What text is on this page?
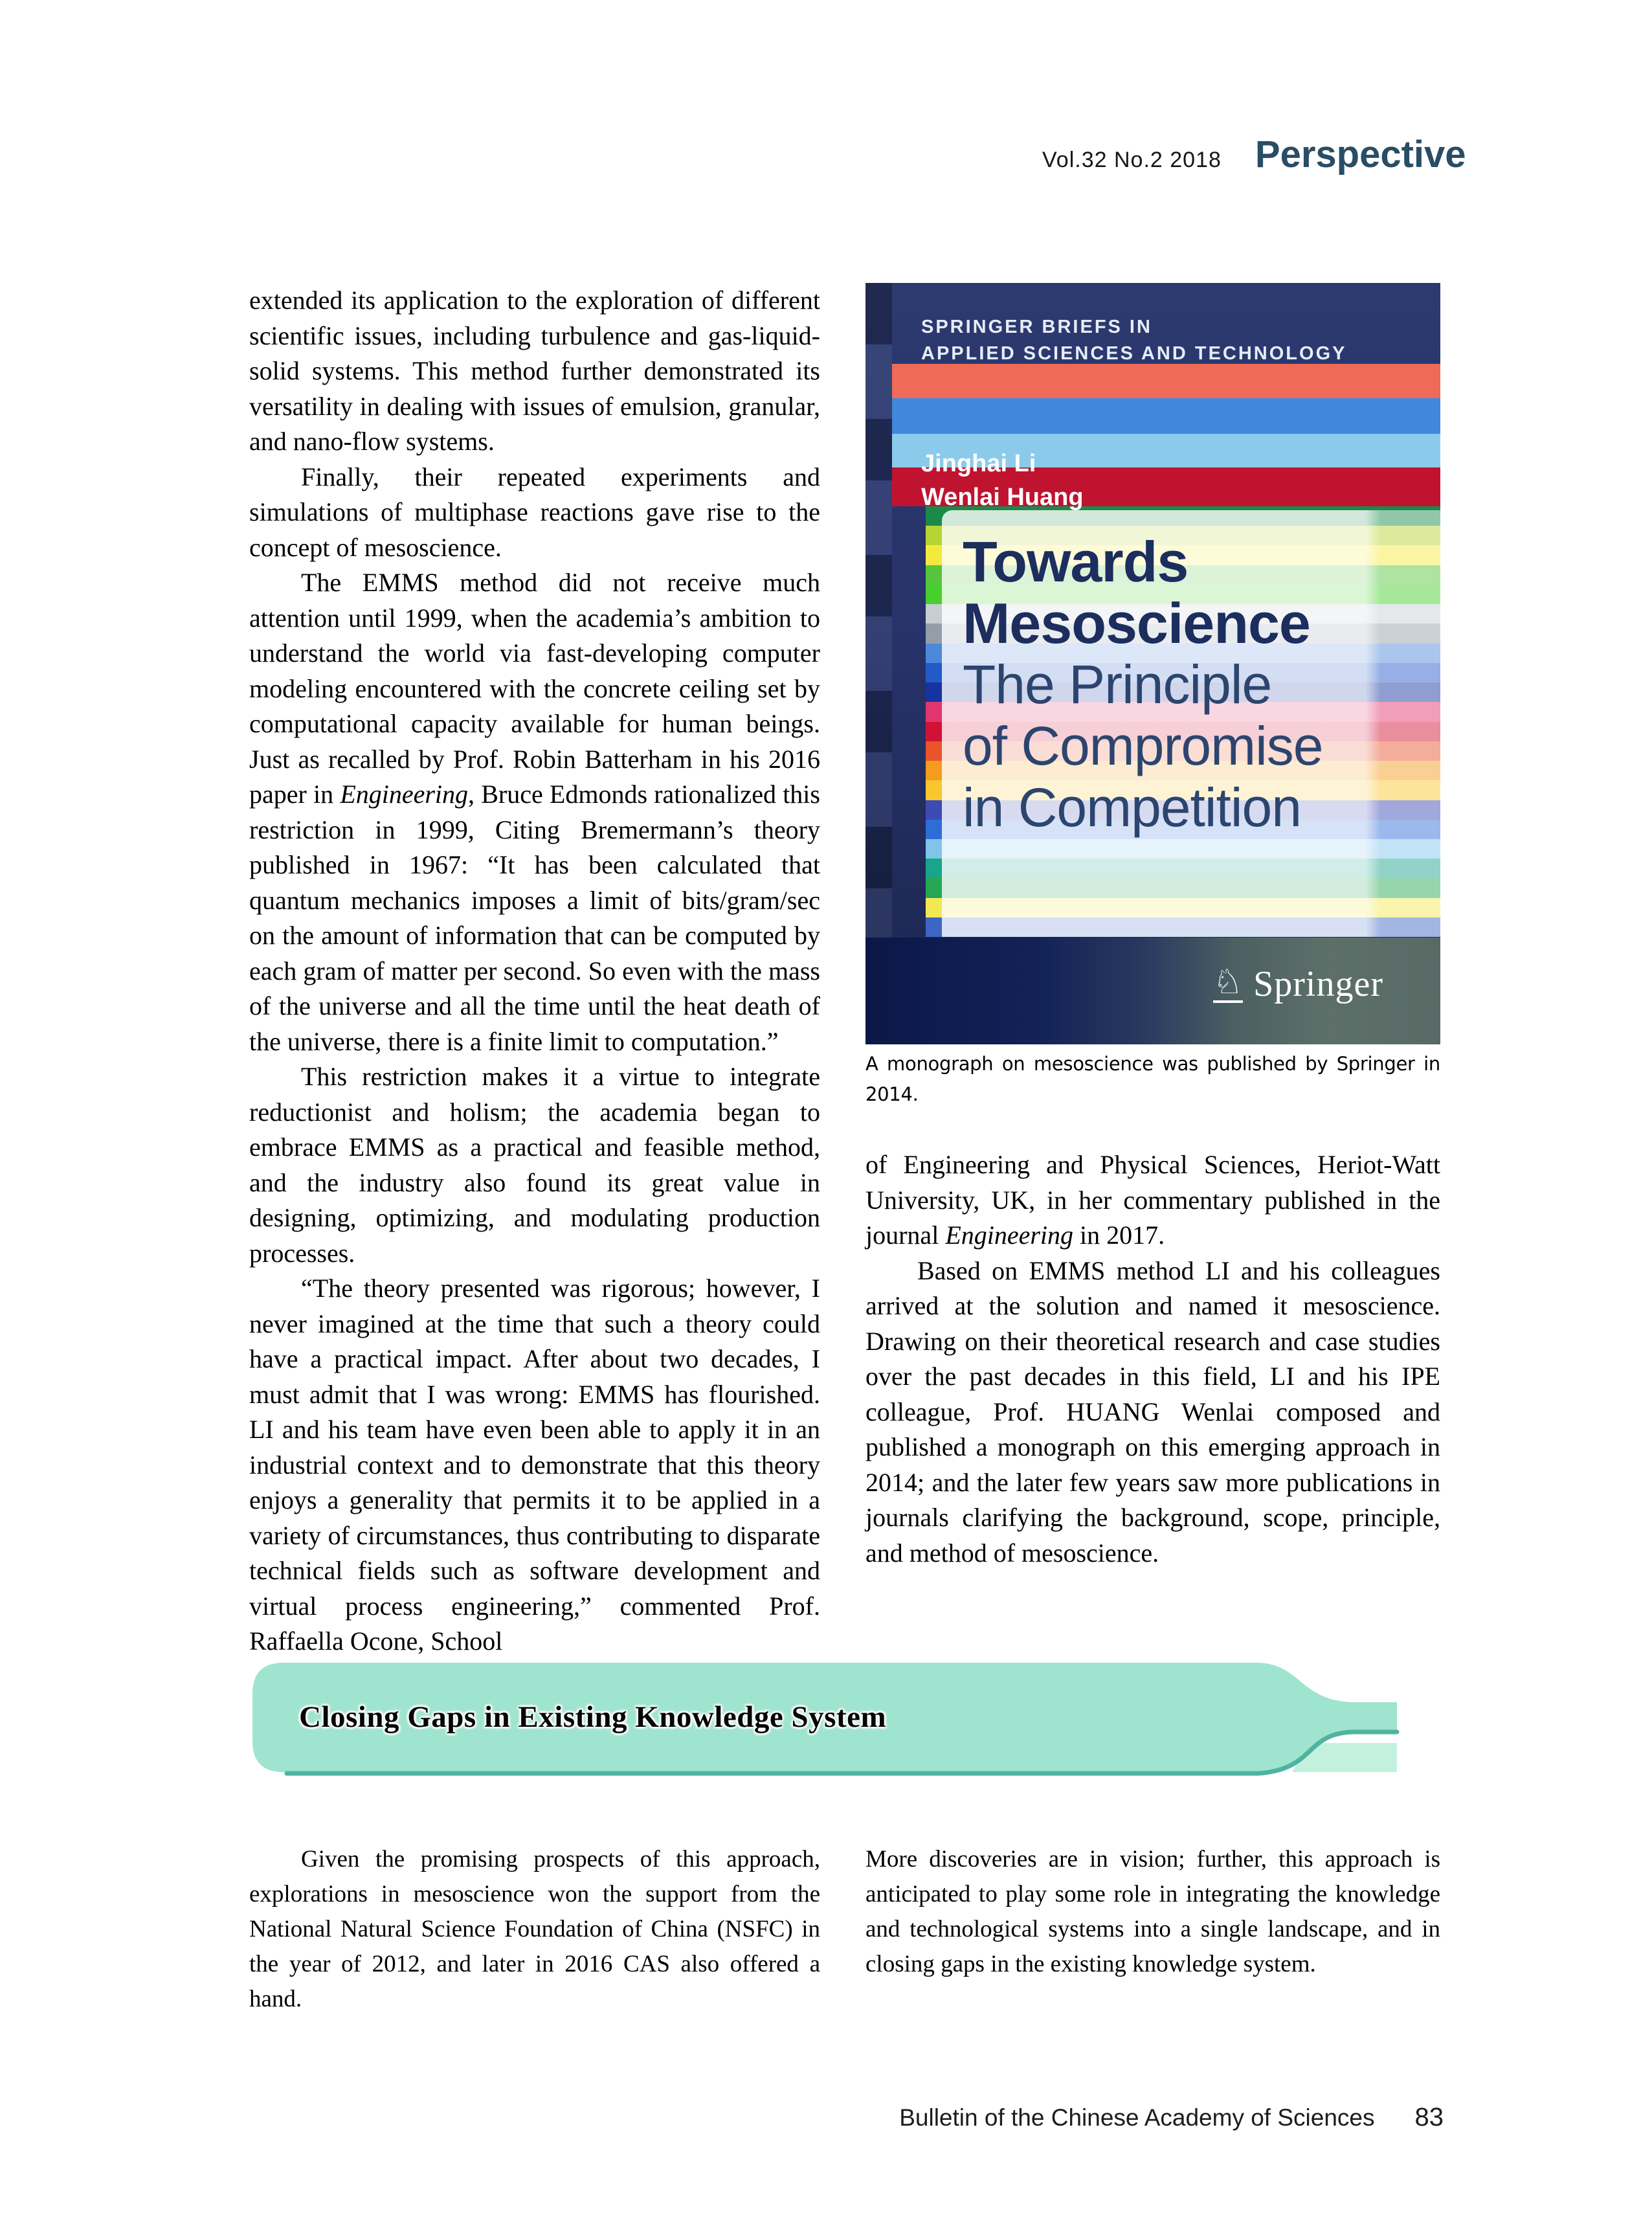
Vol.32 No.2 2018 Perspective

extended its application to the exploration of different scientific issues, including turbulence and gas-liquid-solid systems. This method further demonstrated its versatility in dealing with issues of emulsion, granular, and nano-flow systems.

Finally, their repeated experiments and simulations of multiphase reactions gave rise to the concept of mesoscience.

The EMMS method did not receive much attention until 1999, when the academia’s ambition to understand the world via fast-developing computer modeling encountered with the concrete ceiling set by computational capacity available for human beings. Just as recalled by Prof. Robin Batterham in his 2016 paper in Engineering, Bruce Edmonds rationalized this restriction in 1999, Citing Bremermann’s theory published in 1967: “It has been calculated that quantum mechanics imposes a limit of bits/gram/sec on the amount of information that can be computed by each gram of matter per second. So even with the mass of the universe and all the time until the heat death of the universe, there is a finite limit to computation.”

This restriction makes it a virtue to integrate reductionist and holism; the academia began to embrace EMMS as a practical and feasible method, and the industry also found its great value in designing, optimizing, and modulating production processes.

“The theory presented was rigorous; however, I never imagined at the time that such a theory could have a practical impact. After about two decades, I must admit that I was wrong: EMMS has flourished. LI and his team have even been able to apply it in an industrial context and to demonstrate that this theory enjoys a generality that permits it to be applied in a variety of circumstances, thus contributing to disparate technical fields such as software development and virtual process engineering,” commented Prof. Raffaella Ocone, School

SPRINGER BRIEFS IN
APPLIED SCIENCES AND TECHNOLOGY
Jinghai Li
Wenlai Huang
Towards
Mesoscience
The Principle
of Compromise
in Competition
♘ Springer
A monograph on mesoscience was published by Springer in 2014.

of Engineering and Physical Sciences, Heriot-Watt University, UK, in her commentary published in the journal Engineering in 2017.

Based on EMMS method LI and his colleagues arrived at the solution and named it mesoscience. Drawing on their theoretical research and case studies over the past decades in this field, LI and his IPE colleague, Prof. HUANG Wenlai composed and published a monograph on this emerging approach in 2014; and the later few years saw more publications in journals clarifying the background, scope, principle, and method of mesoscience.

Closing Gaps in Existing Knowledge System

Given the promising prospects of this approach, explorations in mesoscience won the support from the National Natural Science Foundation of China (NSFC) in the year of 2012, and later in 2016 CAS also offered a hand.

More discoveries are in vision; further, this approach is anticipated to play some role in integrating the knowledge and technological systems into a single landscape, and in closing gaps in the existing knowledge system.

Bulletin of the Chinese Academy of Sciences 83
